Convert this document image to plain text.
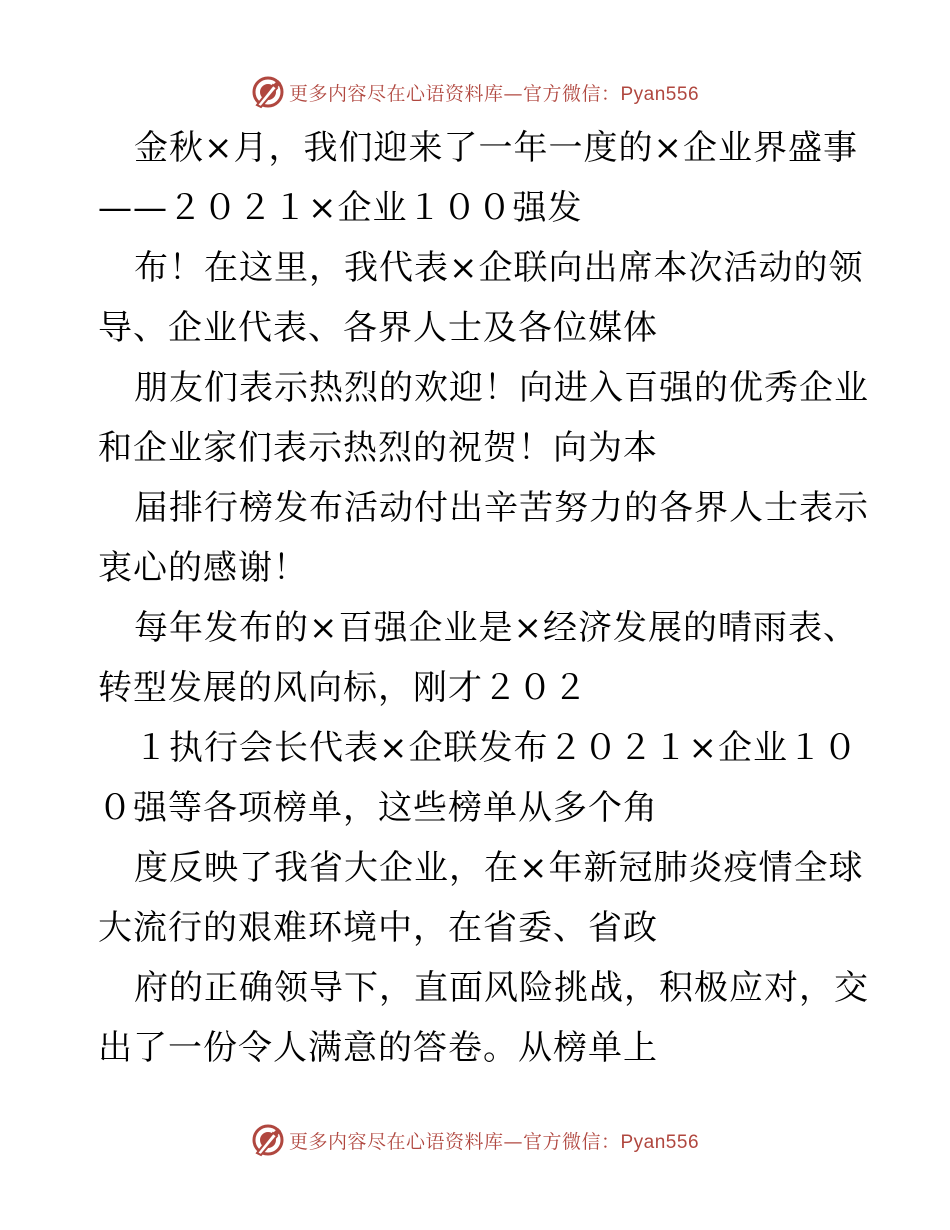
更多内容尽在心语资料库—官方微信：Pyan556
金秋×月，我们迎来了一年一度的×企业界盛事
——２０２１×企业１００强发
布！在这里，我代表×企联向出席本次活动的领
导、企业代表、各界人士及各位媒体
朋友们表示热烈的欢迎！向进入百强的优秀企业
和企业家们表示热烈的祝贺！向为本
届排行榜发布活动付出辛苦努力的各界人士表示
衷心的感谢！
每年发布的×百强企业是×经济发展的晴雨表、
转型发展的风向标，刚才２０２
１执行会长代表×企联发布２０２１×企业１０
０强等各项榜单，这些榜单从多个角
度反映了我省大企业，在×年新冠肺炎疫情全球
大流行的艰难环境中，在省委、省政
府的正确领导下，直面风险挑战，积极应对，交
出了一份令人满意的答卷。从榜单上
更多内容尽在心语资料库—官方微信：Pyan556
